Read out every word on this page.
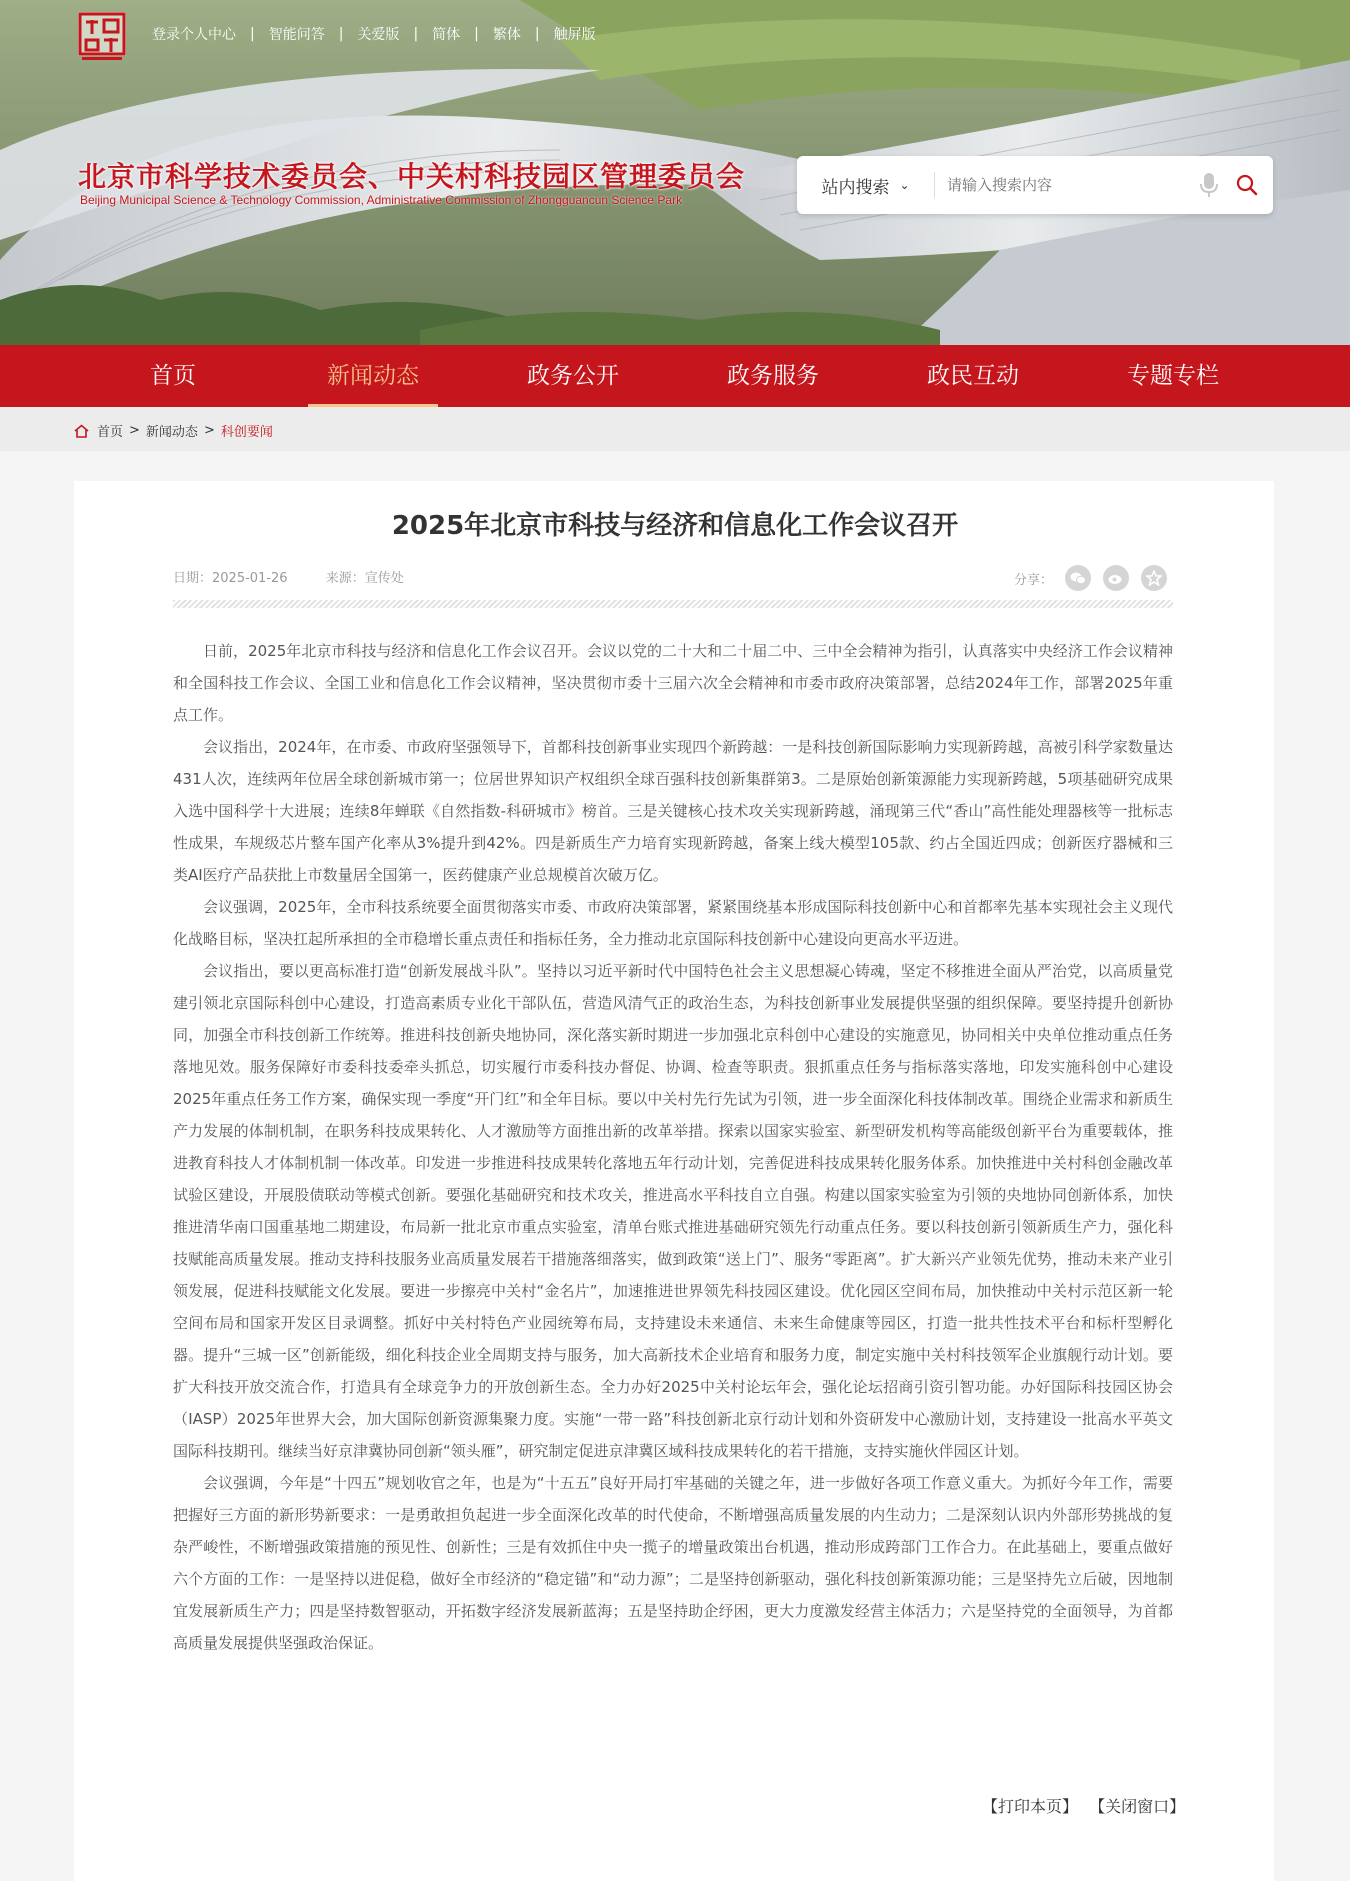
登录个人中心	|	智能问答	|	关爱版	|	简体	|	繁体	|	触屏版
北京市科学技术委员会、中关村科技园区管理委员会
Beijing Municipal Science & Technology Commission, Administrative Commission of Zhongguancun Science Park
站内搜索 ⌄
请输入搜索内容
首页	新闻动态	政务公开	政务服务	政民互动	专题专栏
首页 > 新闻动态 > 科创要闻
2025年北京市科技与经济和信息化工作会议召开
日期：2025-01-26	来源：宣传处	分享：

日前，2025年北京市科技与经济和信息化工作会议召开。会议以党的二十大和二十届二中、三中全会精神为指引，认真落实中央经济工作会议精神和全国科技工作会议、全国工业和信息化工作会议精神，坚决贯彻市委十三届六次全会精神和市委市政府决策部署，总结2024年工作，部署2025年重点工作。

会议指出，2024年，在市委、市政府坚强领导下，首都科技创新事业实现四个新跨越：一是科技创新国际影响力实现新跨越，高被引科学家数量达431人次，连续两年位居全球创新城市第一；位居世界知识产权组织全球百强科技创新集群第3。二是原始创新策源能力实现新跨越，5项基础研究成果入选中国科学十大进展；连续8年蝉联《自然指数-科研城市》榜首。三是关键核心技术攻关实现新跨越，涌现第三代“香山”高性能处理器核等一批标志性成果，车规级芯片整车国产化率从3%提升到42%。四是新质生产力培育实现新跨越，备案上线大模型105款、约占全国近四成；创新医疗器械和三类AI医疗产品获批上市数量居全国第一，医药健康产业总规模首次破万亿。

会议强调，2025年，全市科技系统要全面贯彻落实市委、市政府决策部署，紧紧围绕基本形成国际科技创新中心和首都率先基本实现社会主义现代化战略目标，坚决扛起所承担的全市稳增长重点责任和指标任务，全力推动北京国际科技创新中心建设向更高水平迈进。

会议指出，要以更高标准打造“创新发展战斗队”。坚持以习近平新时代中国特色社会主义思想凝心铸魂，坚定不移推进全面从严治党，以高质量党建引领北京国际科创中心建设，打造高素质专业化干部队伍，营造风清气正的政治生态，为科技创新事业发展提供坚强的组织保障。要坚持提升创新协同，加强全市科技创新工作统筹。推进科技创新央地协同，深化落实新时期进一步加强北京科创中心建设的实施意见，协同相关中央单位推动重点任务落地见效。服务保障好市委科技委牵头抓总，切实履行市委科技办督促、协调、检查等职责。狠抓重点任务与指标落实落地，印发实施科创中心建设2025年重点任务工作方案，确保实现一季度“开门红”和全年目标。要以中关村先行先试为引领，进一步全面深化科技体制改革。围绕企业需求和新质生产力发展的体制机制，在职务科技成果转化、人才激励等方面推出新的改革举措。探索以国家实验室、新型研发机构等高能级创新平台为重要载体，推进教育科技人才体制机制一体改革。印发进一步推进科技成果转化落地五年行动计划，完善促进科技成果转化服务体系。加快推进中关村科创金融改革试验区建设，开展股债联动等模式创新。要强化基础研究和技术攻关，推进高水平科技自立自强。构建以国家实验室为引领的央地协同创新体系，加快推进清华南口国重基地二期建设，布局新一批北京市重点实验室，清单台账式推进基础研究领先行动重点任务。要以科技创新引领新质生产力，强化科技赋能高质量发展。推动支持科技服务业高质量发展若干措施落细落实，做到政策“送上门”、服务“零距离”。扩大新兴产业领先优势，推动未来产业引领发展，促进科技赋能文化发展。要进一步擦亮中关村“金名片”，加速推进世界领先科技园区建设。优化园区空间布局，加快推动中关村示范区新一轮空间布局和国家开发区目录调整。抓好中关村特色产业园统筹布局，支持建设未来通信、未来生命健康等园区，打造一批共性技术平台和标杆型孵化器。提升“三城一区”创新能级，细化科技企业全周期支持与服务，加大高新技术企业培育和服务力度，制定实施中关村科技领军企业旗舰行动计划。要扩大科技开放交流合作，打造具有全球竞争力的开放创新生态。全力办好2025中关村论坛年会，强化论坛招商引资引智功能。办好国际科技园区协会（IASP）2025年世界大会，加大国际创新资源集聚力度。实施“一带一路”科技创新北京行动计划和外资研发中心激励计划，支持建设一批高水平英文国际科技期刊。继续当好京津冀协同创新“领头雁”，研究制定促进京津冀区域科技成果转化的若干措施，支持实施伙伴园区计划。

会议强调，今年是“十四五”规划收官之年，也是为“十五五”良好开局打牢基础的关键之年，进一步做好各项工作意义重大。为抓好今年工作，需要把握好三方面的新形势新要求：一是勇敢担负起进一步全面深化改革的时代使命，不断增强高质量发展的内生动力；二是深刻认识内外部形势挑战的复杂严峻性，不断增强政策措施的预见性、创新性；三是有效抓住中央一揽子的增量政策出台机遇，推动形成跨部门工作合力。在此基础上，要重点做好六个方面的工作：一是坚持以进促稳，做好全市经济的“稳定锚”和“动力源”；二是坚持创新驱动，强化科技创新策源功能；三是坚持先立后破，因地制宜发展新质生产力；四是坚持数智驱动，开拓数字经济发展新蓝海；五是坚持助企纾困，更大力度激发经营主体活力；六是坚持党的全面领导，为首都高质量发展提供坚强政治保证。

【打印本页】 【关闭窗口】
